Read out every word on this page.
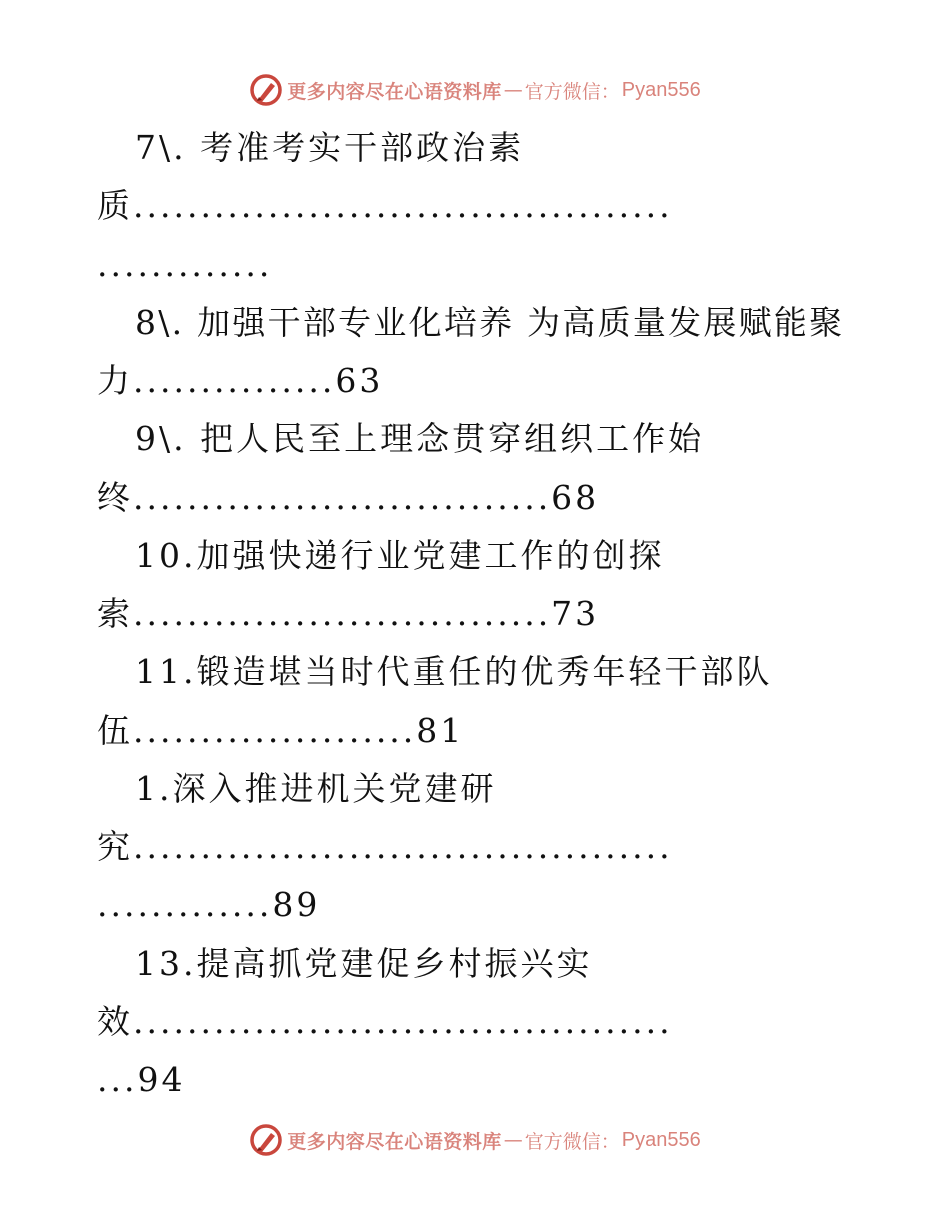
更多内容尽在心语资料库 — 官方微信： Pyan556
7\. 考准考实干部政治素
质........................................
.............
8\. 加强干部专业化培养 为高质量发展赋能聚
力...............63
9\. 把人民至上理念贯穿组织工作始
终...............................68
10.加强快递行业党建工作的创探
索...............................73
11.锻造堪当时代重任的优秀年轻干部队
伍.....................81
1.深入推进机关党建研
究........................................
.............89
13.提高抓党建促乡村振兴实
效........................................
...94
更多内容尽在心语资料库 — 官方微信： Pyan556
